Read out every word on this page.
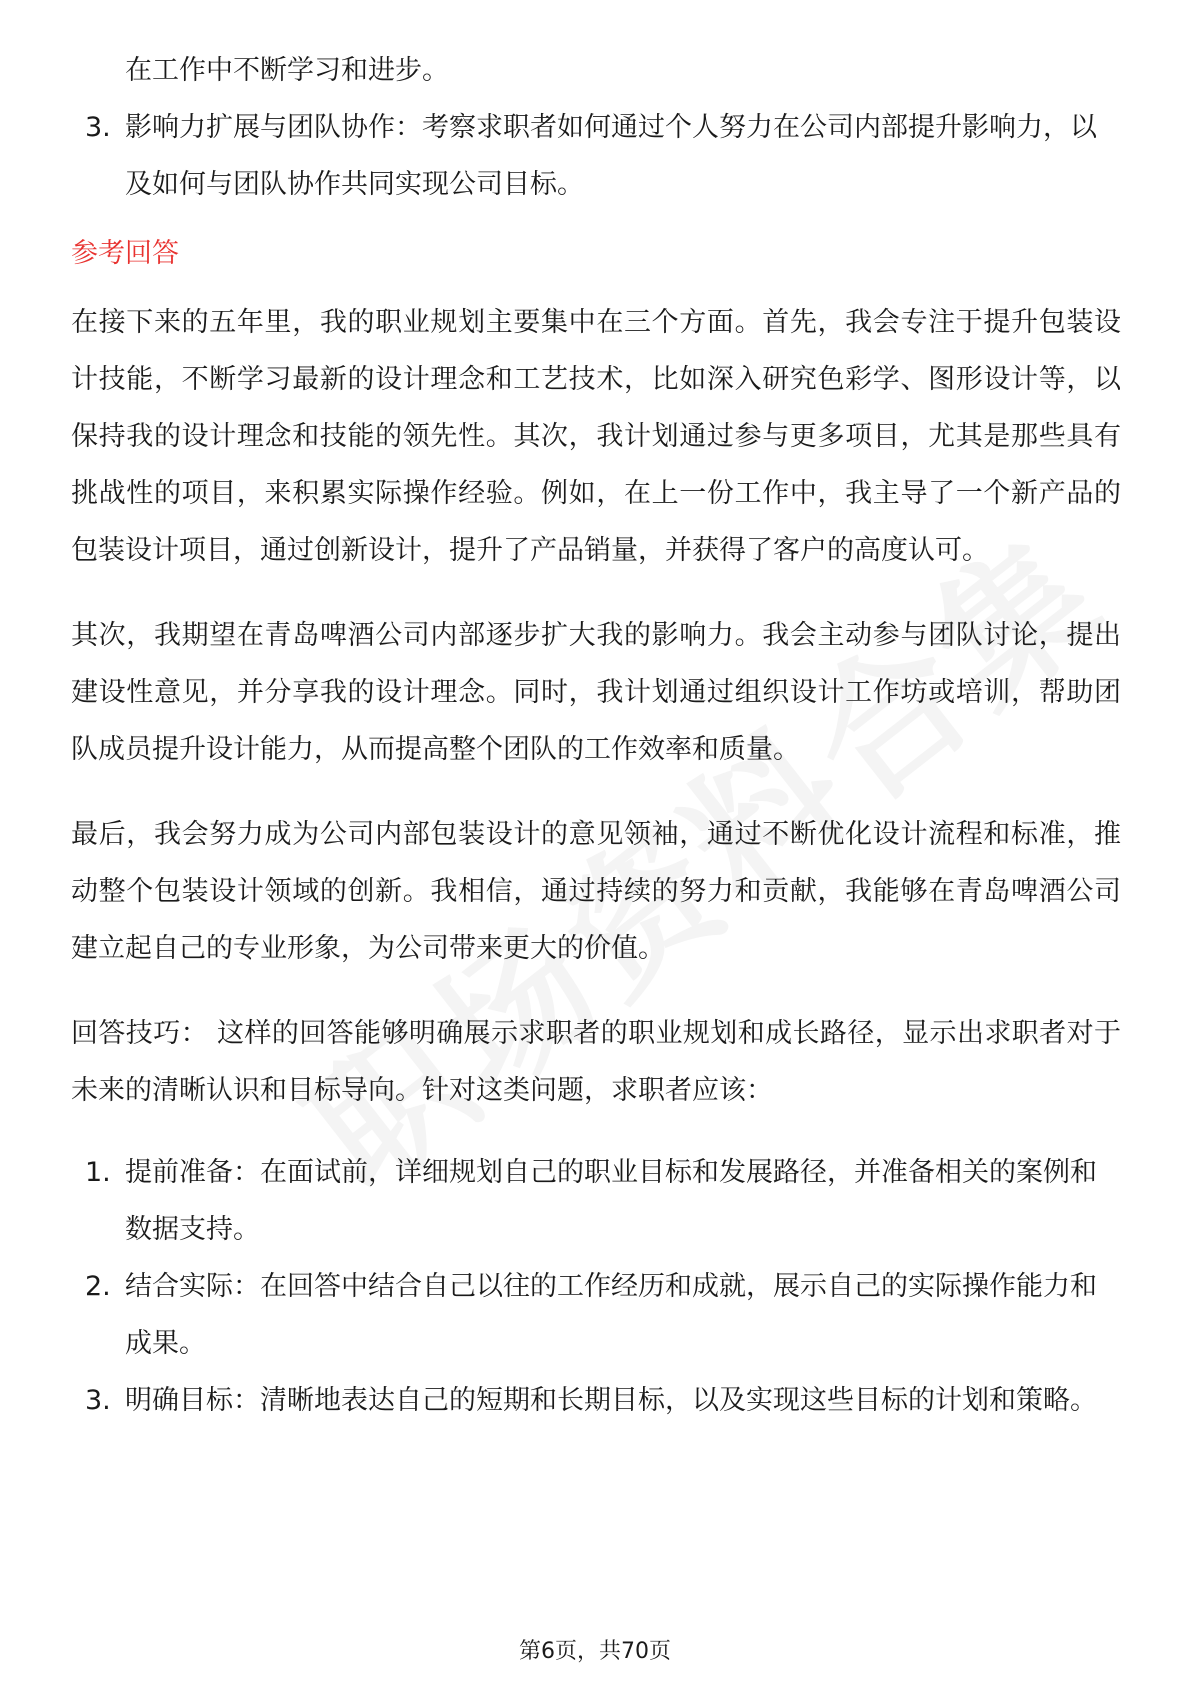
在工作中不断学习和进步。
3. 影响力扩展与团队协作：考察求职者如何通过个人努力在公司内部提升影响力，以及如何与团队协作共同实现公司目标。
参考回答

在接下来的五年里，我的职业规划主要集中在三个方面。首先，我会专注于提升包装设计技能，不断学习最新的设计理念和工艺技术，比如深入研究色彩学、图形设计等，以保持我的设计理念和技能的领先性。其次，我计划通过参与更多项目，尤其是那些具有挑战性的项目，来积累实际操作经验。例如，在上一份工作中，我主导了一个新产品的包装设计项目，通过创新设计，提升了产品销量，并获得了客户的高度认可。

其次，我期望在青岛啤酒公司内部逐步扩大我的影响力。我会主动参与团队讨论，提出建设性意见，并分享我的设计理念。同时，我计划通过组织设计工作坊或培训，帮助团队成员提升设计能力，从而提高整个团队的工作效率和质量。

最后，我会努力成为公司内部包装设计的意见领袖，通过不断优化设计流程和标准，推动整个包装设计领域的创新。我相信，通过持续的努力和贡献，我能够在青岛啤酒公司建立起自己的专业形象，为公司带来更大的价值。

回答技巧： 这样的回答能够明确展示求职者的职业规划和成长路径，显示出求职者对于未来的清晰认识和目标导向。针对这类问题，求职者应该：

1. 提前准备：在面试前，详细规划自己的职业目标和发展路径，并准备相关的案例和数据支持。
2. 结合实际：在回答中结合自己以往的工作经历和成就，展示自己的实际操作能力和成果。
3. 明确目标：清晰地表达自己的短期和长期目标，以及实现这些目标的计划和策略。
第6页，共70页
